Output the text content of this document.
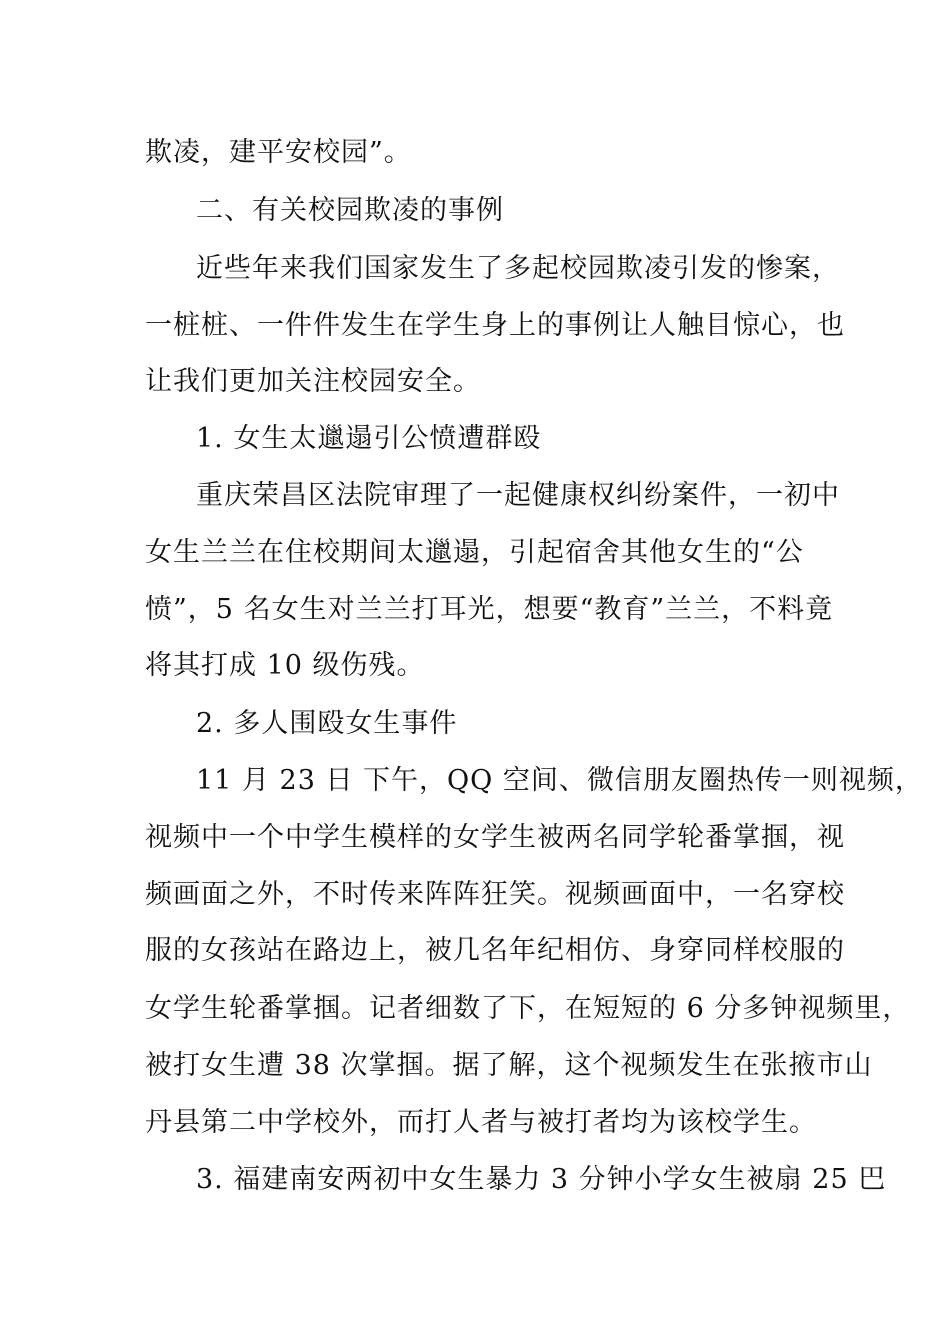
欺凌，建平安校园”。
二、有关校园欺凌的事例
近些年来我们国家发生了多起校园欺凌引发的惨案，
一桩桩、一件件发生在学生身上的事例让人触目惊心，也
让我们更加关注校园安全。
1. 女生太邋遢引公愤遭群殴
重庆荣昌区法院审理了一起健康权纠纷案件，一初中
女生兰兰在住校期间太邋遢，引起宿舍其他女生的“公
愤”，5 名女生对兰兰打耳光，想要“教育”兰兰，不料竟
将其打成 10 级伤残。
2. 多人围殴女生事件
11 月 23 日 下午，QQ 空间、微信朋友圈热传一则视频，
视频中一个中学生模样的女学生被两名同学轮番掌掴，视
频画面之外，不时传来阵阵狂笑。视频画面中，一名穿校
服的女孩站在路边上，被几名年纪相仿、身穿同样校服的
女学生轮番掌掴。记者细数了下，在短短的 6 分多钟视频里，
被打女生遭 38 次掌掴。据了解，这个视频发生在张掖市山
丹县第二中学校外，而打人者与被打者均为该校学生。
3. 福建南安两初中女生暴力 3 分钟小学女生被扇 25 巴
